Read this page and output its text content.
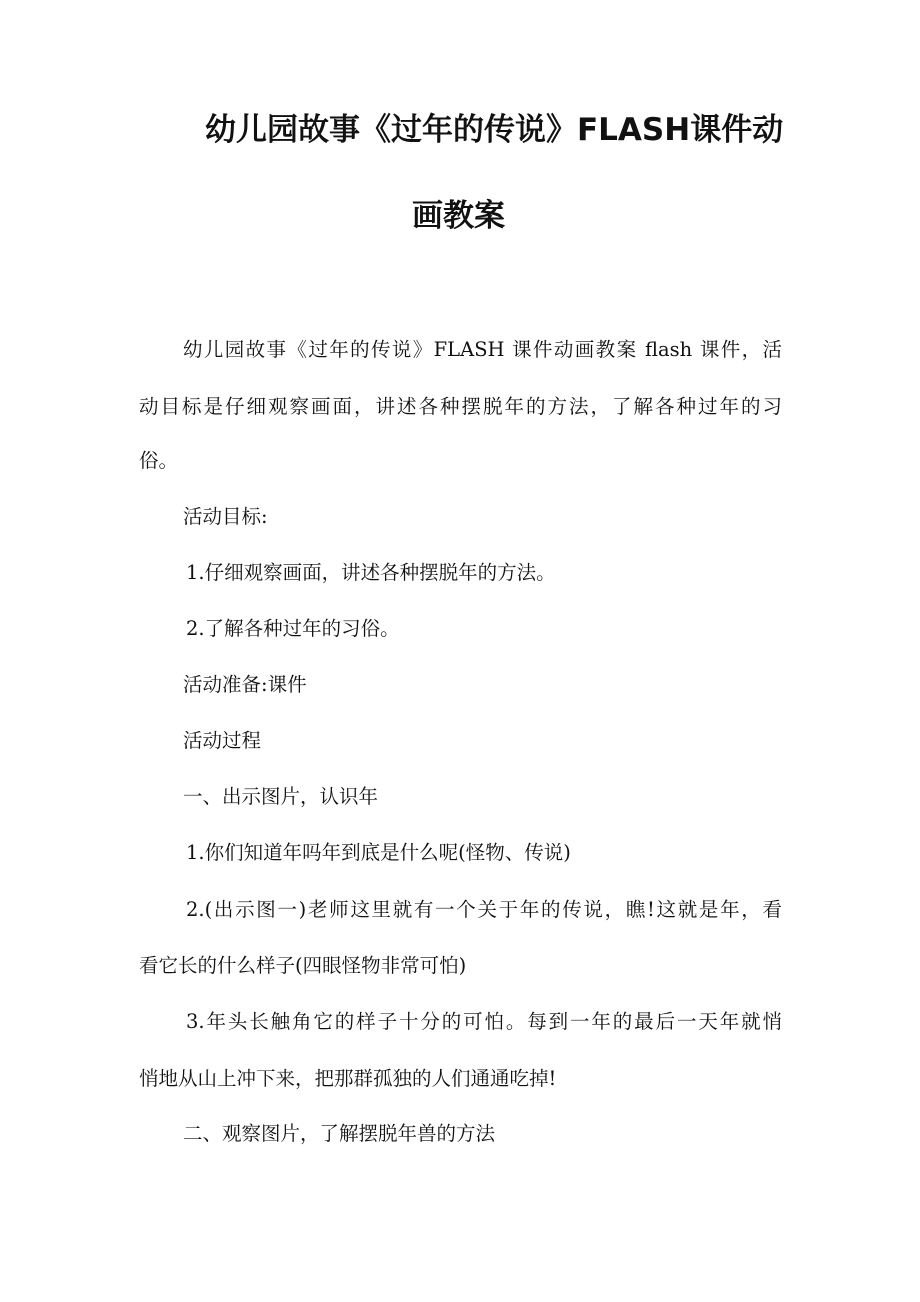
幼儿园故事《过年的传说》FLASH课件动
画教案
幼儿园故事《过年的传说》FLASH 课件动画教案 flash 课件，活
动目标是仔细观察画面，讲述各种摆脱年的方法，了解各种过年的习
俗。
活动目标:
1.仔细观察画面，讲述各种摆脱年的方法。
2.了解各种过年的习俗。
活动准备:课件
活动过程
一、出示图片，认识年
1.你们知道年吗年到底是什么呢(怪物、传说)
2.(出示图一)老师这里就有一个关于年的传说，瞧!这就是年，看
看它长的什么样子(四眼怪物非常可怕)
3.年头长触角它的样子十分的可怕。每到一年的最后一天年就悄
悄地从山上冲下来，把那群孤独的人们通通吃掉!
二、观察图片，了解摆脱年兽的方法
